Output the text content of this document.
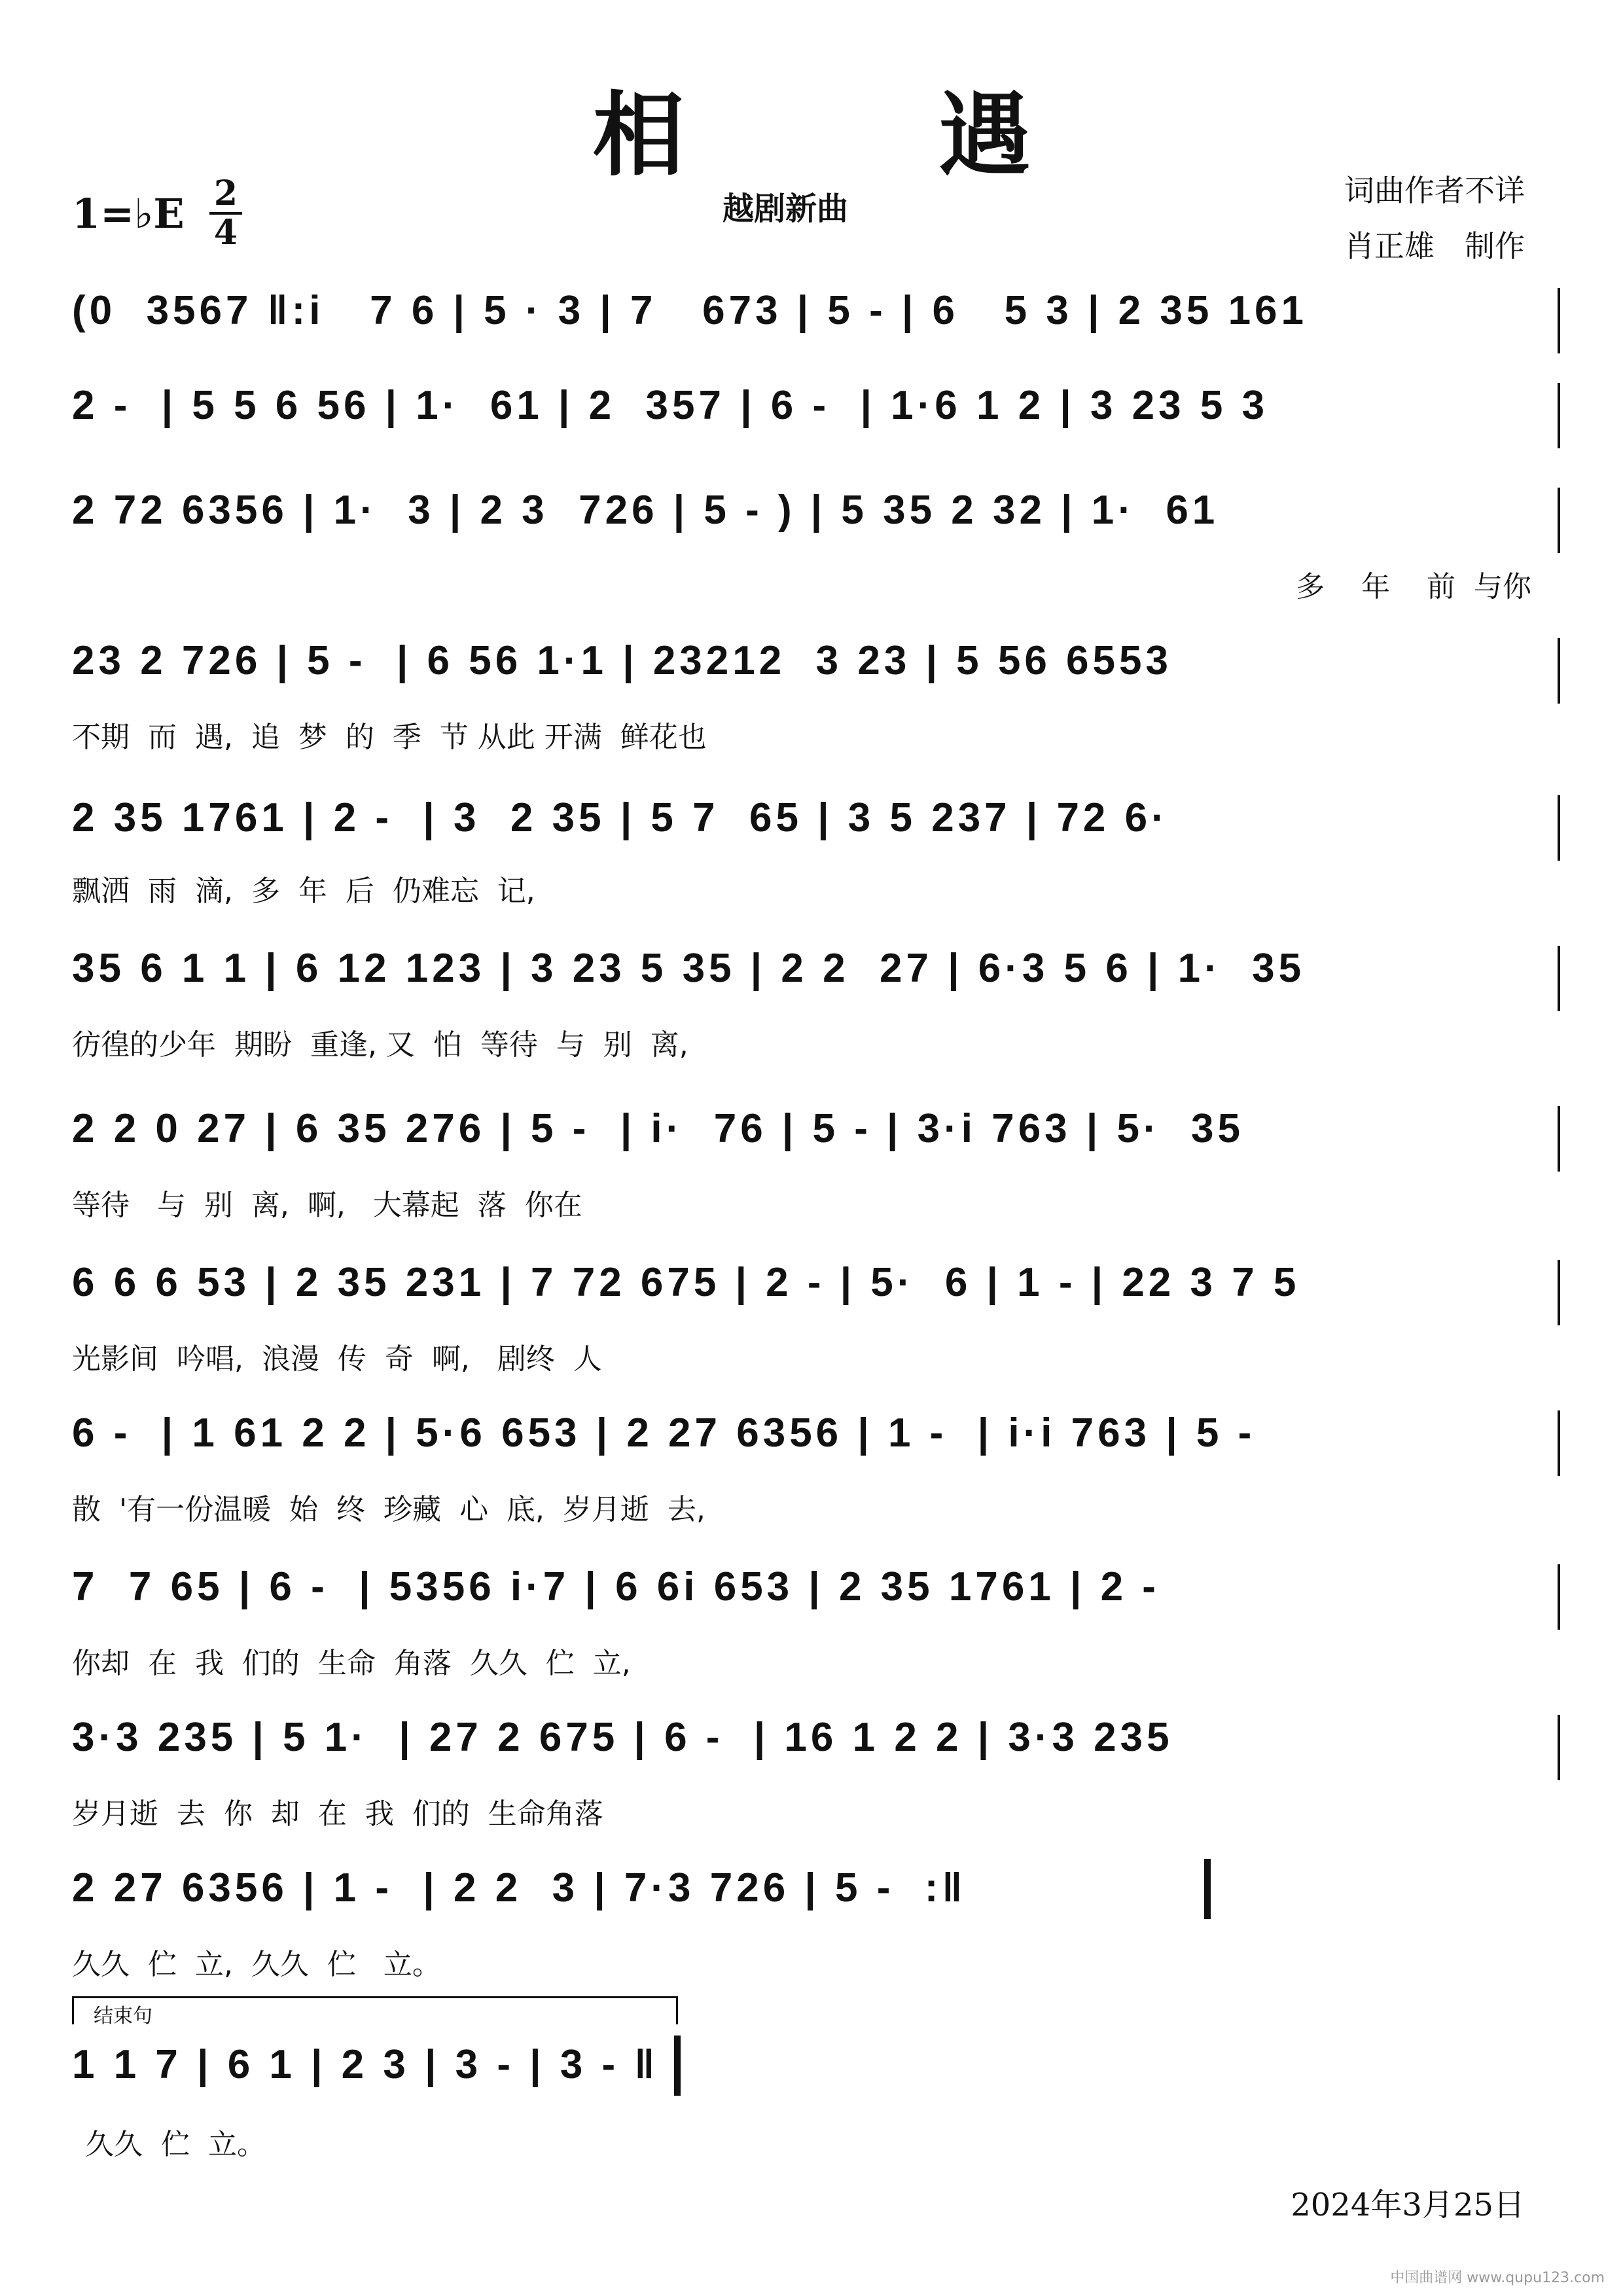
相 遇
越剧新曲
1=♭E 2
4
词曲作者不详
肖正雄　制作
(0  3567 ‖:i   7 6 | 5 · 3 | 7   673 | 5 - | 6   5 3 | 2 35 161
2 -  | 5 5 6 56 | 1·  61 | 2  357 | 6 -  | 1·6 1 2 | 3 23 5 3
2 72 6356 | 1·  3 | 2 3  726 | 5 - ) | 5 35 2 32 | 1·  61
多    年    前  与你
23 2 726 | 5 -  | 6 56 1·1 | 23212  3 23 | 5 56 6553
不期  而  遇,  追  梦  的  季  节 从此 开满  鲜花也
2 35 1761 | 2 -  | 3  2 35 | 5 7  65 | 3 5 237 | 72 6·
飘洒  雨  滴,  多  年  后  仍难忘  记,
35 6 1 1 | 6 12 123 | 3 23 5 35 | 2 2  27 | 6·3 5 6 | 1·  35
彷徨的少年  期盼  重逢, 又  怕  等待  与  别  离,
2 2 0 27 | 6 35 276 | 5 -  | i·  76 | 5 - | 3·i 763 | 5·  35
等待   与  别  离,  啊,   大幕起  落  你在
6 6 6 53 | 2 35 231 | 7 72 675 | 2 - | 5·  6 | 1 - | 22 3 7 5
光影间  吟唱,  浪漫  传  奇  啊,   剧终  人
6 -  | 1 61 2 2 | 5·6 653 | 2 27 6356 | 1 -  | i·i 763 | 5 -
散  '有一份温暖  始  终  珍藏  心  底,  岁月逝  去,
7  7 65 | 6 -  | 5356 i·7 | 6 6i 653 | 2 35 1761 | 2 -
你却  在  我  们的  生命  角落  久久  伫  立,
3·3 235 | 5 1·  | 27 2 675 | 6 -  | 16 1 2 2 | 3·3 235
岁月逝  去  你  却  在  我  们的  生命角落
2 27 6356 | 1 -  | 2 2  3 | 7·3 726 | 5 -  :‖
久久  伫  立,  久久  伫   立。
结束句
1 1 7 | 6 1 | 2 3 | 3 - | 3 - ‖
久久  伫  立。
2024年3月25日
中国曲谱网 www.qupu123.com
